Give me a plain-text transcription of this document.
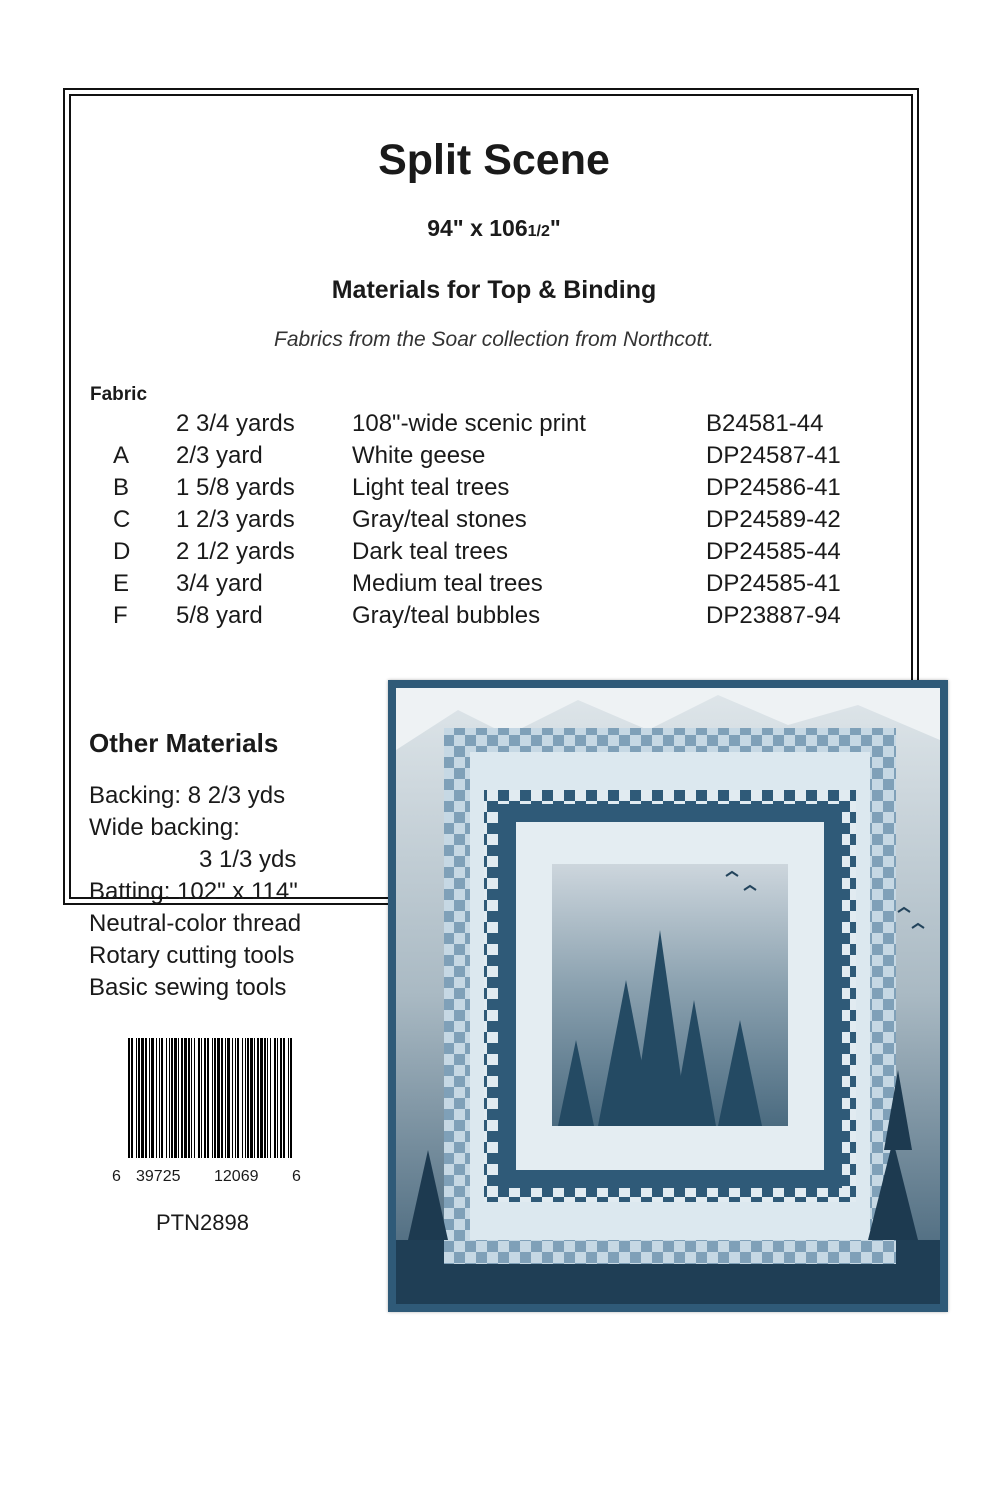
Split Scene
94" x 1061/2"
Materials for Top & Binding
Fabrics from the Soar collection from Northcott.
Fabric
2 3/4 yards 108"-wide scenic print	B24581-44
A 2/3 yard	White geese	DP24587-41
B 1 5/8 yards Light teal trees	DP24586-41
C 1 2/3 yards Gray/teal stones	DP24589-42
D 2 1/2 yards Dark teal trees	DP24585-44
E 3/4 yard	Medium teal trees	DP24585-41
F 5/8 yard	Gray/teal bubbles	DP23887-94
Other Materials
Backing: 8 2/3 yds
Wide backing:
3 1/3 yds
Batting: 102" x 114"
Neutral-color thread
Rotary cutting tools
Basic sewing tools
6 39725 12069 6
PTN2898
